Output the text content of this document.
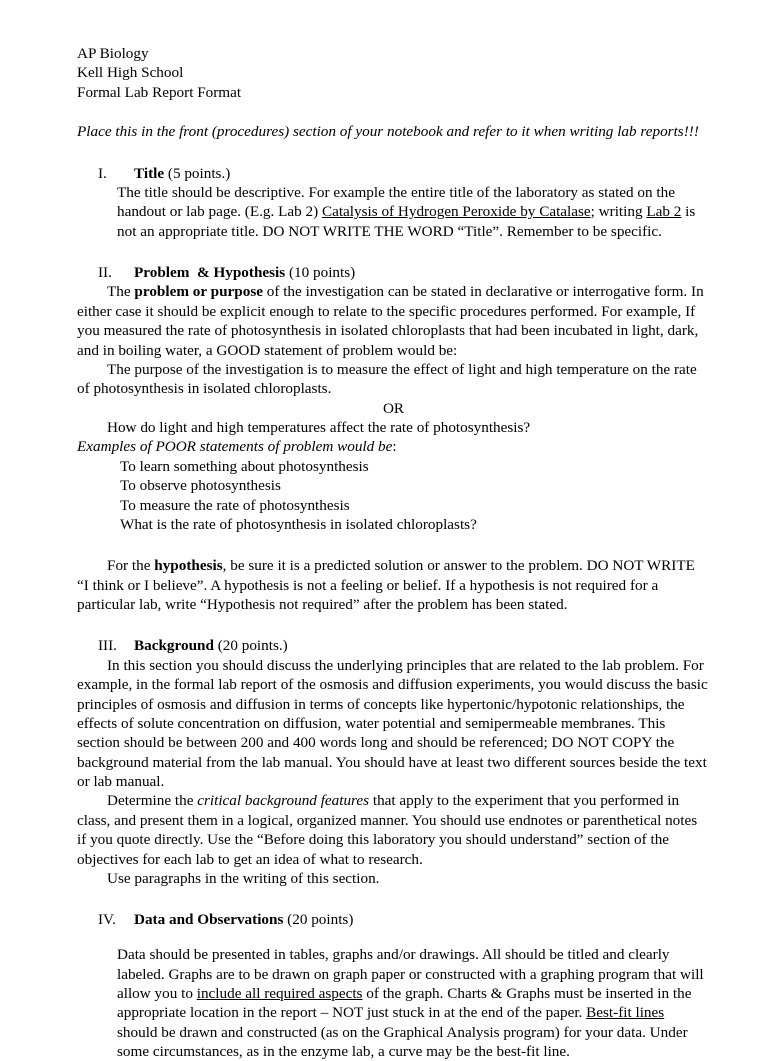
AP Biology
Kell High School
Formal Lab Report Format
Place this in the front (procedures) section of your notebook and refer to it when writing lab reports!!!
I. Title (5 points.)

The title should be descriptive. For example the entire title of the laboratory as stated on the handout or lab page. (E.g. Lab 2) Catalysis of Hydrogen Peroxide by Catalase; writing Lab 2 is not an appropriate title. DO NOT WRITE THE WORD “Title”. Remember to be specific.

II. Problem  & Hypothesis (10 points)

The problem or purpose of the investigation can be stated in declarative or interrogative form. In either case it should be explicit enough to relate to the specific procedures performed. For example, If you measured the rate of photosynthesis in isolated chloroplasts that had been incubated in light, dark, and in boiling water, a GOOD statement of problem would be:

The purpose of the investigation is to measure the effect of light and high temperature on the rate of photosynthesis in isolated chloroplasts.

OR

How do light and high temperatures affect the rate of photosynthesis?

Examples of POOR statements of problem would be:

To learn something about photosynthesis

To observe photosynthesis

To measure the rate of photosynthesis

What is the rate of photosynthesis in isolated chloroplasts?

For the hypothesis, be sure it is a predicted solution or answer to the problem. DO NOT WRITE “I think or I believe”. A hypothesis is not a feeling or belief. If a hypothesis is not required for a particular lab, write “Hypothesis not required” after the problem has been stated.

III. Background (20 points.)

In this section you should discuss the underlying principles that are related to the lab problem. For example, in the formal lab report of the osmosis and diffusion experiments, you would discuss the basic principles of osmosis and diffusion in terms of concepts like hypertonic/hypotonic relationships, the effects of solute concentration on diffusion, water potential and semipermeable membranes. This section should be between 200 and 400 words long and should be referenced; DO NOT COPY the background material from the lab manual. You should have at least two different sources beside the text or lab manual.

Determine the critical background features that apply to the experiment that you performed in class, and present them in a logical, organized manner. You should use endnotes or parenthetical notes if you quote directly. Use the “Before doing this laboratory you should understand” section of the objectives for each lab to get an idea of what to research.

Use paragraphs in the writing of this section.

IV. Data and Observations (20 points)

Data should be presented in tables, graphs and/or drawings. All should be titled and clearly labeled. Graphs are to be drawn on graph paper or constructed with a graphing program that will allow you to include all required aspects of the graph. Charts & Graphs must be inserted in the appropriate location in the report – NOT just stuck in at the end of the paper. Best-fit lines should be drawn and constructed (as on the Graphical Analysis program) for your data. Under some circumstances, as in the enzyme lab, a curve may be the best-fit line.
